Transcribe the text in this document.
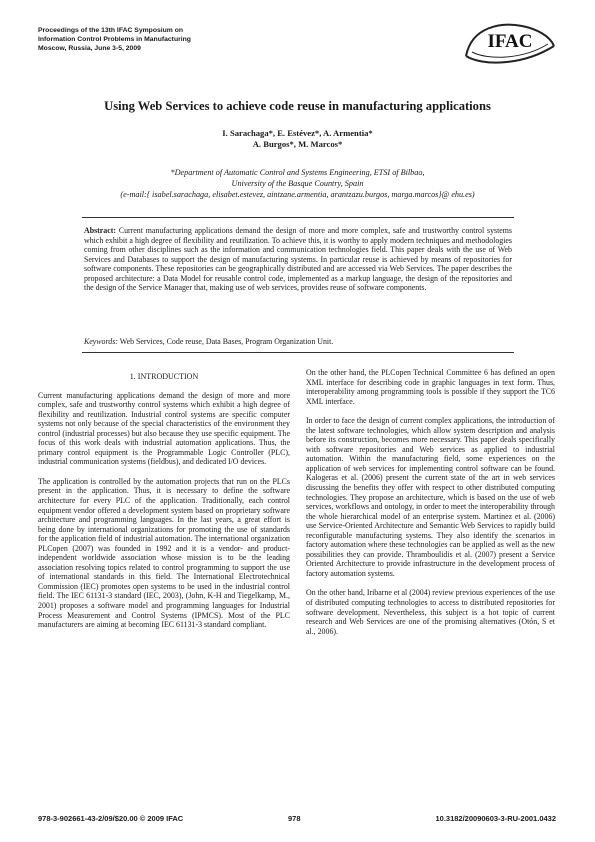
Proceedings of the 13th IFAC Symposium on
Information Control Problems in Manufacturing
Moscow, Russia, June 3-5, 2009	IFAC
Using Web Services to achieve code reuse in manufacturing applications
I. Sarachaga*, E. Estévez*, A. Armentia*
A. Burgos*, M. Marcos*
*Department of Automatic Control and Systems Engineering, ETSI of Bilbao,
University of the Basque Country, Spain
(e-mail:{ isabel.sarachaga, elisabet.estevez, aintzane.armentia, arantzazu.burgos, marga.marcos}@ ehu.es)
Abstract: Current manufacturing applications demand the design of more and more complex, safe and trustworthy control systems which exhibit a high degree of flexibility and reutilization. To achieve this, it is worthy to apply modern techniques and methodologies coming from other disciplines such as the information and communication technologies field. This paper deals with the use of Web Services and Databases to support the design of manufacturing systems. In particular reuse is achieved by means of repositories for software components. These repositories can be geographically distributed and are accessed via Web Services. The paper describes the proposed architecture: a Data Model for reusable control code, implemented as a markup language, the design of the repositories and the design of the Service Manager that, making use of web services, provides reuse of software components.
Keywords: Web Services, Code reuse, Data Bases, Program Organization Unit.
1. INTRODUCTION

Current manufacturing applications demand the design of more and more complex, safe and trustworthy control systems which exhibit a high degree of flexibility and reutilization. Industrial control systems are specific computer systems not only because of the special characteristics of the environment they control (industrial processes) but also because they use specific equipment. The focus of this work deals with industrial automation applications. Thus, the primary control equipment is the Programmable Logic Controller (PLC), industrial communication systems (fieldbus), and dedicated I/O devices.

The application is controlled by the automation projects that run on the PLCs present in the application. Thus, it is necessary to define the software architecture for every PLC of the application. Traditionally, each control equipment vendor offered a development system based on proprietary software architecture and programming languages. In the last years, a great effort is being done by international organizations for promoting the use of standards for the application field of industrial automation. The international organization PLCopen (2007) was founded in 1992 and it is a vendor- and product-independent worldwide association whose mission is to be the leading association resolving topics related to control programming to support the use of international standards in this field. The International Electrotechnical Commission (IEC) promotes open systems to be used in the industrial control field. The IEC 61131-3 standard (IEC, 2003), (John, K-H and Tiegelkamp, M., 2001) proposes a software model and programming languages for Industrial Process Measurement and Control Systems (IPMCS). Most of the PLC manufacturers are aiming at becoming IEC 61131-3 standard compliant.

On the other hand, the PLCopen Technical Committee 6 has defined an open XML interface for describing code in graphic languages in text form. Thus, interoperability among programming tools is possible if they support the TC6 XML interface.

In order to face the design of current complex applications, the introduction of the latest software technologies, which allow system description and analysis before its construction, becomes more necessary. This paper deals specifically with software repositories and Web services as applied to industrial automation. Within the manufacturing field, some experiences on the application of web services for implementing control software can be found. Kalogeras et al. (2006) present the current state of the art in web services discussing the benefits they offer with respect to other distributed computing technologies. They propose an architecture, which is based on the use of web services, workflows and ontology, in order to meet the interoperability through the whole hierarchical model of an enterprise system. Martinez et al. (2006) use Service-Oriented Architecture and Semantic Web Services to rapidly build reconfigurable manufacturing systems. They also identify the scenarios in factory automation where these technologies can be applied as well as the new possibilities they can provide. Thramboulidis et al. (2007) present a Service Oriented Architecture to provide infrastructure in the development process of factory automation systems.

On the other hand, Iribarne et al (2004) review previous experiences of the use of distributed computing technologies to access to distributed repositories for software development. Nevertheless, this subject is a hot topic of current research and Web Services are one of the promising alternatives (Otón, S et al., 2006).

978-3-902661-43-2/09/$20.00 © 2009 IFAC	978	10.3182/20090603-3-RU-2001.0432
